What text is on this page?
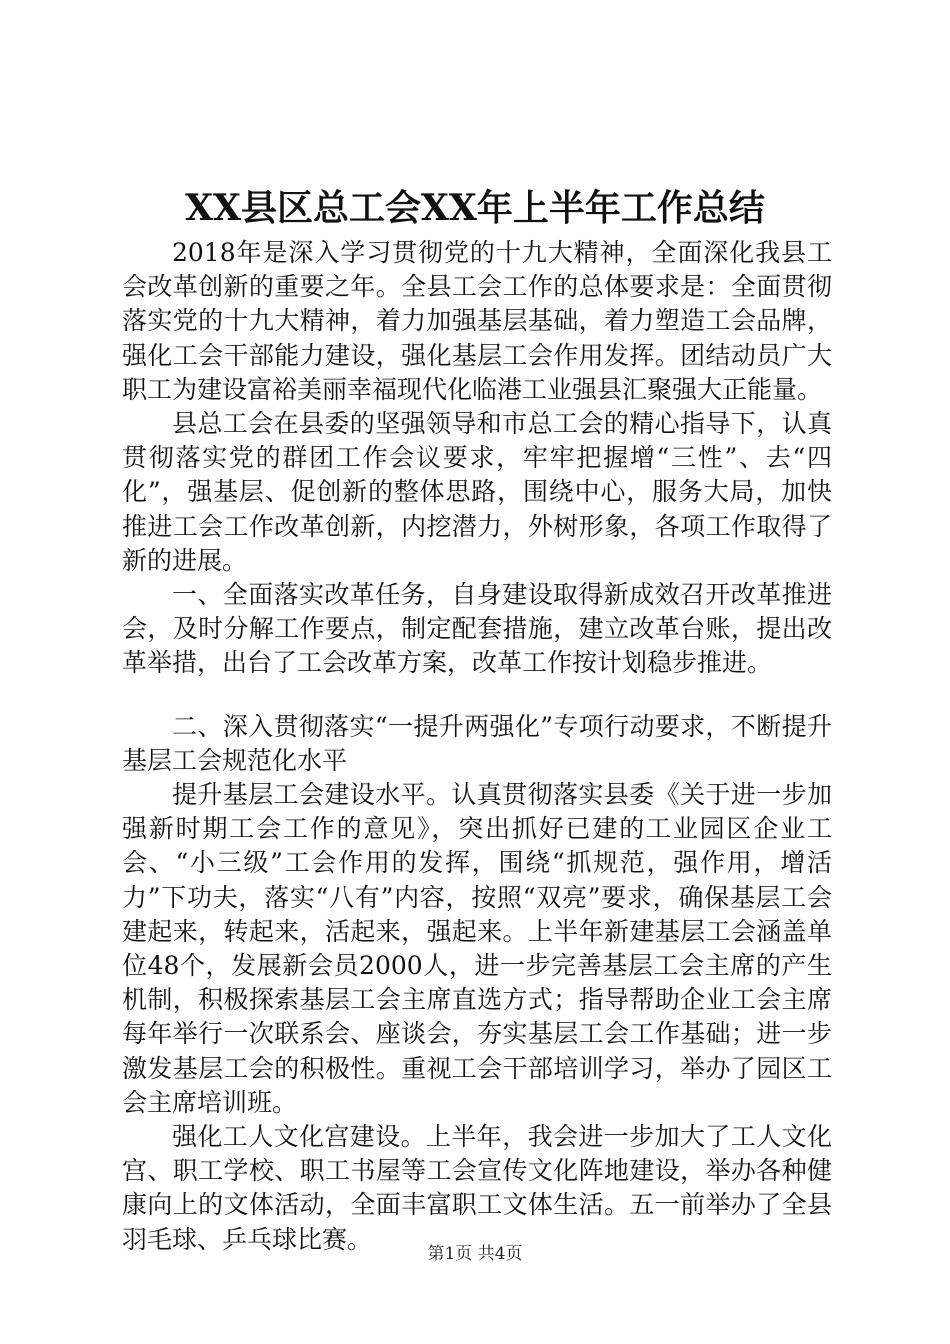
XX县区总工会XX年上半年工作总结

2018年是深入学习贯彻党的十九大精神，全面深化我县工会改革创新的重要之年。全县工会工作的总体要求是：全面贯彻落实党的十九大精神，着力加强基层基础，着力塑造工会品牌，强化工会干部能力建设，强化基层工会作用发挥。团结动员广大职工为建设富裕美丽幸福现代化临港工业强县汇聚强大正能量。

县总工会在县委的坚强领导和市总工会的精心指导下，认真贯彻落实党的群团工作会议要求，牢牢把握增“三性”、去“四化”，强基层、促创新的整体思路，围绕中心，服务大局，加快推进工会工作改革创新，内挖潜力，外树形象，各项工作取得了新的进展。

一、全面落实改革任务，自身建设取得新成效召开改革推进会，及时分解工作要点，制定配套措施，建立改革台账，提出改革举措，出台了工会改革方案，改革工作按计划稳步推进。

二、深入贯彻落实“一提升两强化”专项行动要求，不断提升基层工会规范化水平

提升基层工会建设水平。认真贯彻落实县委《关于进一步加强新时期工会工作的意见》，突出抓好已建的工业园区企业工会、“小三级”工会作用的发挥，围绕“抓规范，强作用，增活力”下功夫，落实“八有”内容，按照“双亮”要求，确保基层工会建起来，转起来，活起来，强起来。上半年新建基层工会涵盖单位48个，发展新会员2000人，进一步完善基层工会主席的产生机制，积极探索基层工会主席直选方式；指导帮助企业工会主席每年举行一次联系会、座谈会，夯实基层工会工作基础；进一步激发基层工会的积极性。重视工会干部培训学习，举办了园区工会主席培训班。

强化工人文化宫建设。上半年，我会进一步加大了工人文化宫、职工学校、职工书屋等工会宣传文化阵地建设，举办各种健康向上的文体活动，全面丰富职工文体生活。五一前举办了全县羽毛球、乒乓球比赛。

第1页 共4页
